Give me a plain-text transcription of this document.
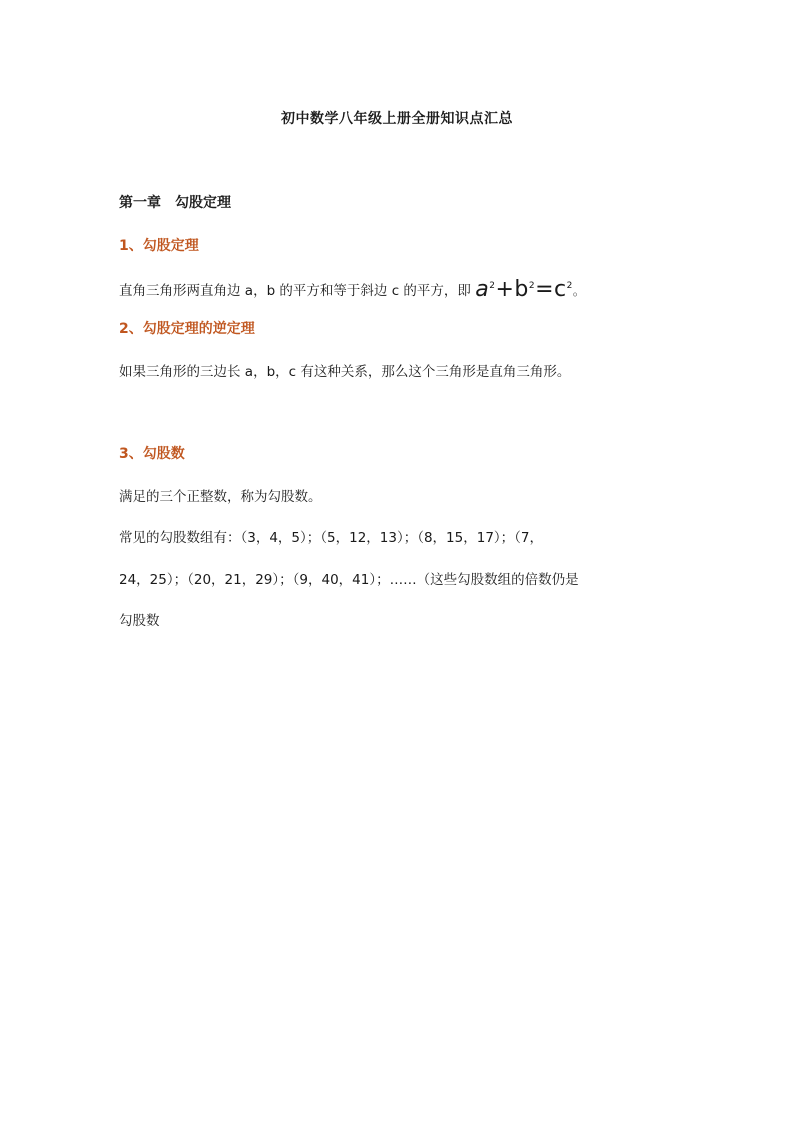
初中数学八年级上册全册知识点汇总
第一章　勾股定理
1、勾股定理
直角三角形两直角边 a，b 的平方和等于斜边 c 的平方，即 $a^2+b^2=c^2$。
2、勾股定理的逆定理
如果三角形的三边长 a，b，c 有这种关系，那么这个三角形是直角三角形。
3、勾股数
满足的三个正整数，称为勾股数。
常见的勾股数组有：（3，4，5）；（5，12，13）；（8，15，17）；（7，
24，25）；（20，21，29）；（9，40，41）；……（这些勾股数组的倍数仍是
勾股数
